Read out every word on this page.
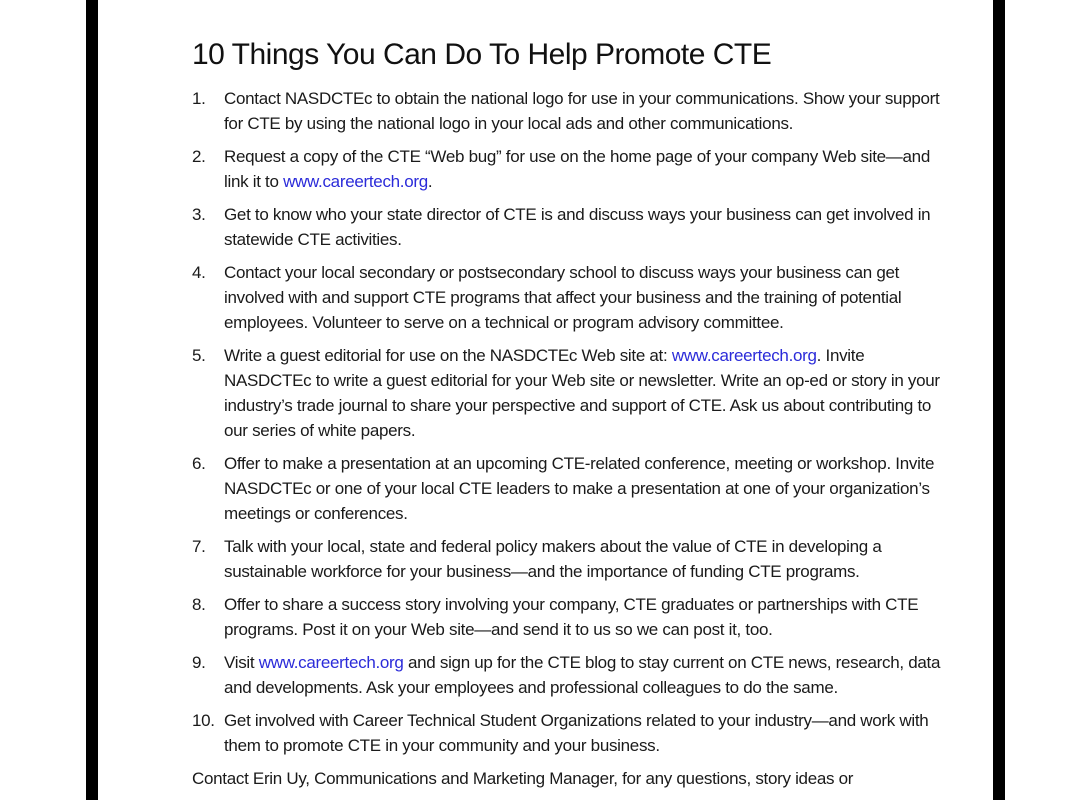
10 Things You Can Do To Help Promote CTE
1.	Contact NASDCTEc to obtain the national logo for use in your communications. Show your support for CTE by using the national logo in your local ads and other communications.
2.	Request a copy of the CTE “Web bug” for use on the home page of your company Web site—and link it to www.careertech.org.
3.	Get to know who your state director of CTE is and discuss ways your business can get involved in statewide CTE activities.
4.	Contact your local secondary or postsecondary school to discuss ways your business can get involved with and support CTE programs that affect your business and the training of potential employees. Volunteer to serve on a technical or program advisory committee.
5.	Write a guest editorial for use on the NASDCTEc Web site at: www.careertech.org. Invite NASDCTEc to write a guest editorial for your Web site or newsletter. Write an op-ed or story in your industry’s trade journal to share your perspective and support of CTE. Ask us about contributing to our series of white papers.
6.	Offer to make a presentation at an upcoming CTE-related conference, meeting or workshop. Invite NASDCTEc or one of your local CTE leaders to make a presentation at one of your organization’s meetings or conferences.
7.	Talk with your local, state and federal policy makers about the value of CTE in developing a sustainable workforce for your business—and the importance of funding CTE programs.
8.	Offer to share a success story involving your company, CTE graduates or partnerships with CTE programs. Post it on your Web site—and send it to us so we can post it, too.
9.	Visit www.careertech.org and sign up for the CTE blog to stay current on CTE news, research, data and developments. Ask your employees and professional colleagues to do the same.
10. Get involved with Career Technical Student Organizations related to your industry—and work with them to promote CTE in your community and your business.
Contact Erin Uy, Communications and Marketing Manager, for any questions, story ideas or
